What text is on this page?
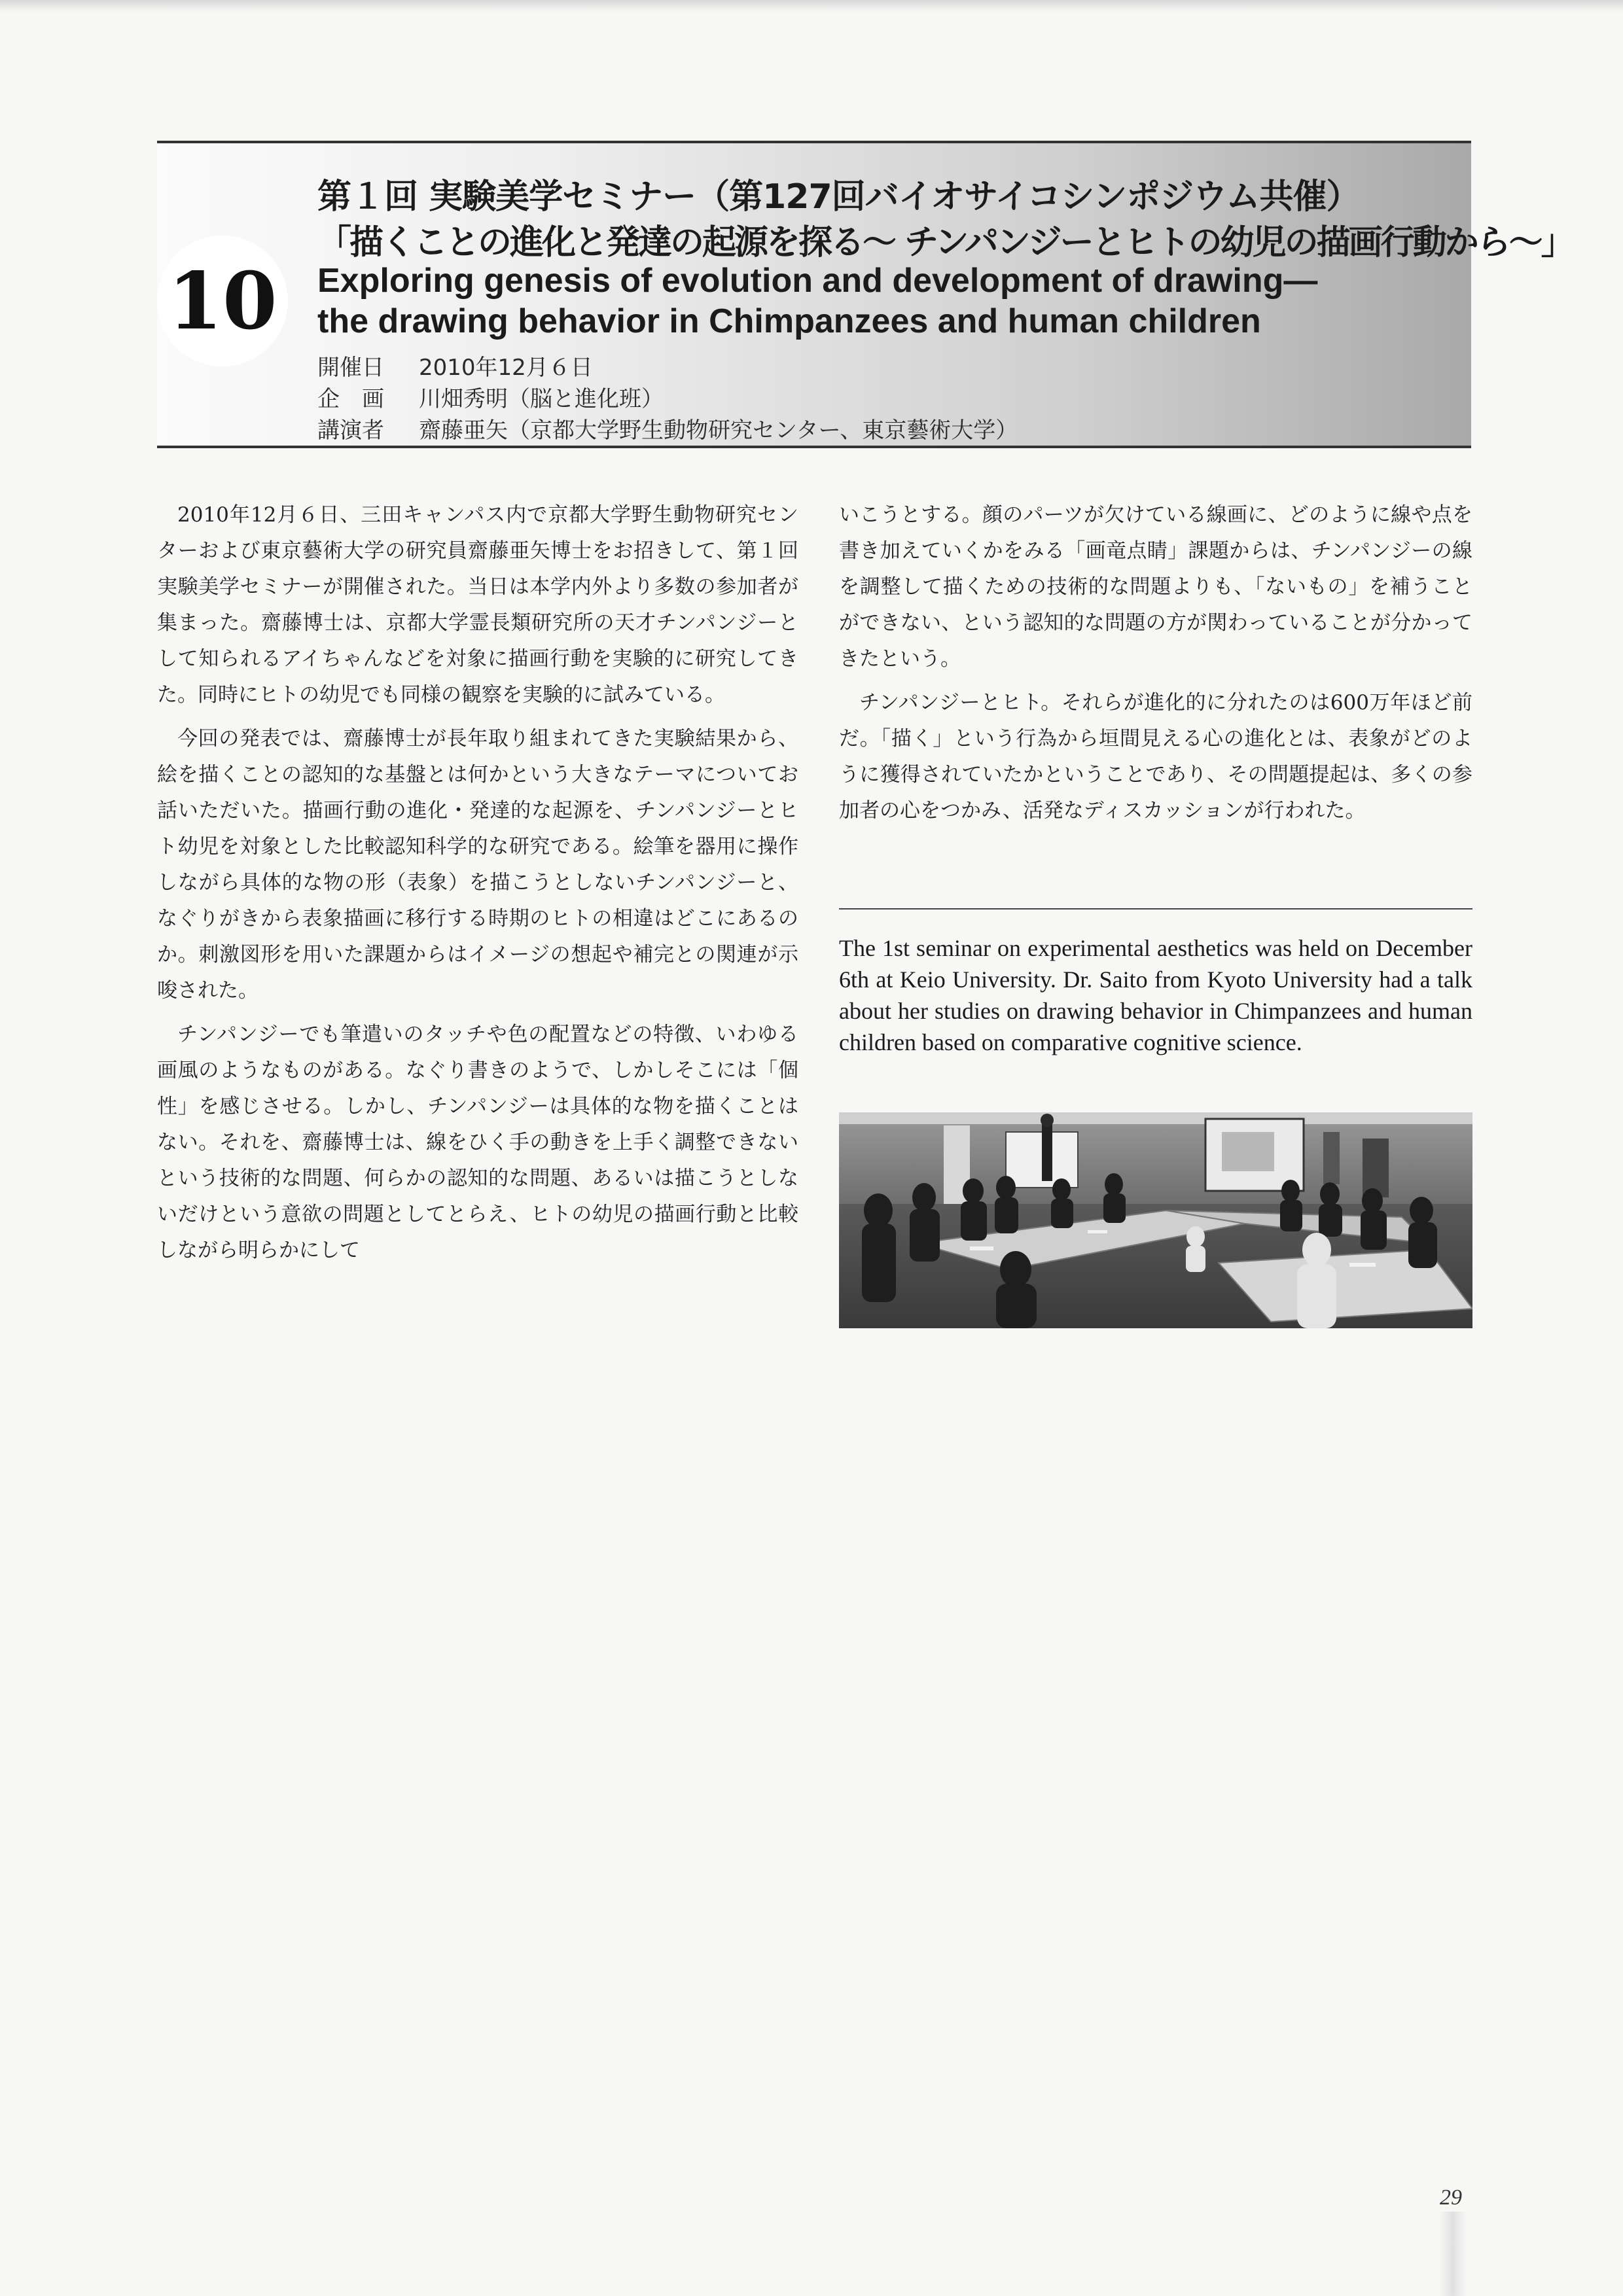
10
第１回 実験美学セミナー（第127回バイオサイコシンポジウム共催）
「描くことの進化と発達の起源を探る～ チンパンジーとヒトの幼児の描画行動から～」
Exploring genesis of evolution and development of drawing—
the drawing behavior in Chimpanzees and human children
開催日	2010年12月６日
企　画	川畑秀明（脳と進化班）
講演者	齋藤亜矢（京都大学野生動物研究センター、東京藝術大学）

2010年12月６日、三田キャンパス内で京都大学野生動物研究センターおよび東京藝術大学の研究員齋藤亜矢博士をお招きして、第１回実験美学セミナーが開催された。当日は本学内外より多数の参加者が集まった。齋藤博士は、京都大学霊長類研究所の天才チンパンジーとして知られるアイちゃんなどを対象に描画行動を実験的に研究してきた。同時にヒトの幼児でも同様の観察を実験的に試みている。

今回の発表では、齋藤博士が長年取り組まれてきた実験結果から、絵を描くことの認知的な基盤とは何かという大きなテーマについてお話いただいた。描画行動の進化・発達的な起源を、チンパンジーとヒト幼児を対象とした比較認知科学的な研究である。絵筆を器用に操作しながら具体的な物の形（表象）を描こうとしないチンパンジーと、なぐりがきから表象描画に移行する時期のヒトの相違はどこにあるのか。刺激図形を用いた課題からはイメージの想起や補完との関連が示唆された。

チンパンジーでも筆遣いのタッチや色の配置などの特徴、いわゆる画風のようなものがある。なぐり書きのようで、しかしそこには「個性」を感じさせる。しかし、チンパンジーは具体的な物を描くことはない。それを、齋藤博士は、線をひく手の動きを上手く調整できないという技術的な問題、何らかの認知的な問題、あるいは描こうとしないだけという意欲の問題としてとらえ、ヒトの幼児の描画行動と比較しながら明らかにして

いこうとする。顔のパーツが欠けている線画に、どのように線や点を書き加えていくかをみる「画竜点睛」課題からは、チンパンジーの線を調整して描くための技術的な問題よりも、「ないもの」を補うことができない、という認知的な問題の方が関わっていることが分かってきたという。

チンパンジーとヒト。それらが進化的に分れたのは600万年ほど前だ。「描く」という行為から垣間見える心の進化とは、表象がどのように獲得されていたかということであり、その問題提起は、多くの参加者の心をつかみ、活発なディスカッションが行われた。

The 1st seminar on experimental aesthetics was held on December 6th at Keio University. Dr. Saito from Kyoto University had a talk about her studies on drawing behavior in Chimpanzees and human children based on comparative cognitive science.
29
